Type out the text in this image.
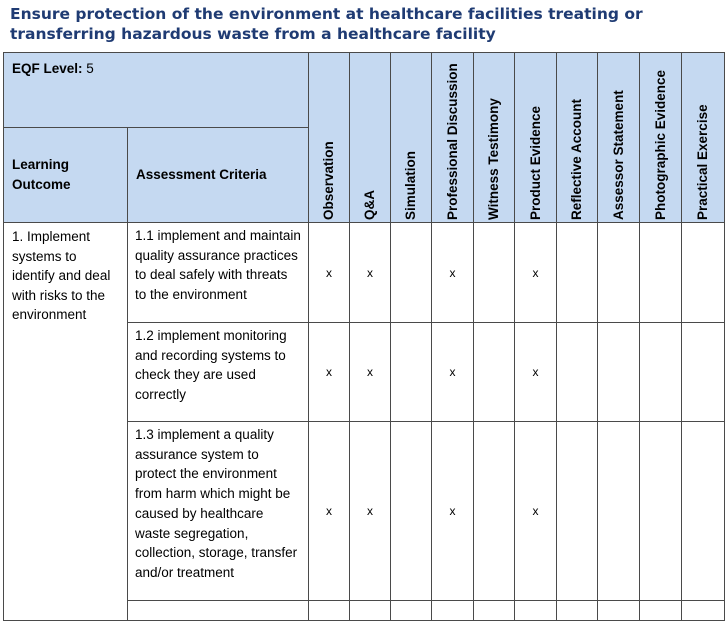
Ensure protection of the environment at healthcare facilities treating or transferring hazardous waste from a healthcare facility
EQF Level: 5		Observation	Q&A	Simulation	Professional Discussion	Witness Testimony	Product Evidence	Reflective Account	Assessor Statement	Photographic Evidence	Practical Exercise

Learning Outcome	Assessment Criteria										
1. Implement systems to identify and deal with risks to the environment	1.1 implement and maintain quality assurance practices to deal safely with threats to the environment	x	x		x		x				
	1.2 implement monitoring and recording systems to check they are used correctly	x	x		x		x				
	1.3 implement a quality assurance system to protect the environment from harm which might be caused by healthcare waste segregation, collection, storage, transfer and/or treatment	x	x		x		x				
